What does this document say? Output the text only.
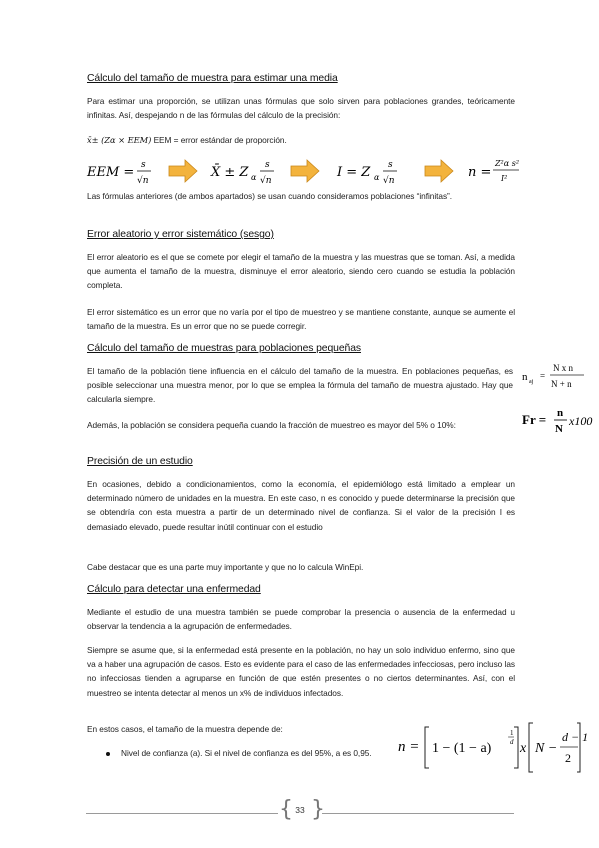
Cálculo del tamaño de muestra para estimar una media
Para estimar una proporción, se utilizan unas fórmulas que solo sirven para poblaciones grandes, teóricamente infinitas. Así, despejando n de las fórmulas del cálculo de la precisión:
x̄± (Zα × EEM) EEM = error estándar de proporción.
EEM = s
√n
X̄ ± Z α
s
√n
I = Z α
s
√n
n =
Z²α s²
I²
Las fórmulas anteriores (de ambos apartados) se usan cuando consideramos poblaciones “infinitas”.
Error aleatorio y error sistemático (sesgo)
El error aleatorio es el que se comete por elegir el tamaño de la muestra y las muestras que se toman. Así, a medida que aumenta el tamaño de la muestra, disminuye el error aleatorio, siendo cero cuando se estudia la población completa.
El error sistemático es un error que no varía por el tipo de muestreo y se mantiene constante, aunque se aumente el tamaño de la muestra. Es un error que no se puede corregir.
Cálculo del tamaño de muestras para poblaciones pequeñas
El tamaño de la población tiene influencia en el cálculo del tamaño de la muestra. En poblaciones pequeñas, es posible seleccionar una muestra menor, por lo que se emplea la fórmula del tamaño de muestra ajustado. Hay que calcularla siempre.
Además, la población se considera pequeña cuando la fracción de muestreo es mayor del 5% o 10%:
n aj
=
N x n
N + n
Fr = n
N
x100
Precisión de un estudio
En ocasiones, debido a condicionamientos, como la economía, el epidemiólogo está limitado a emplear un determinado número de unidades en la muestra. En este caso, n es conocido y puede determinarse la precisión que se obtendría con esta muestra a partir de un determinado nivel de confianza. Si el valor de la precisión I es demasiado elevado, puede resultar inútil continuar con el estudio
Cabe destacar que es una parte muy importante y que no lo calcula WinEpi.
Cálculo para detectar una enfermedad
Mediante el estudio de una muestra también se puede comprobar la presencia o ausencia de la enfermedad u observar la tendencia a la agrupación de enfermedades.
Siempre se asume que, si la enfermedad está presente en la población, no hay un solo individuo enfermo, sino que va a haber una agrupación de casos. Esto es evidente para el caso de las enfermedades infecciosas, pero incluso las no infecciosas tienden a agruparse en función de que estén presentes o no ciertos determinantes. Así, con el muestreo se intenta detectar al menos un x% de individuos infectados.
En estos casos, el tamaño de la muestra depende de:
Nivel de confianza (a). Si el nivel de confianza es del 95%, a es 0,95.	n = 1 − (1 − a)
1
d x N −
d − 1
2
{ }
33
